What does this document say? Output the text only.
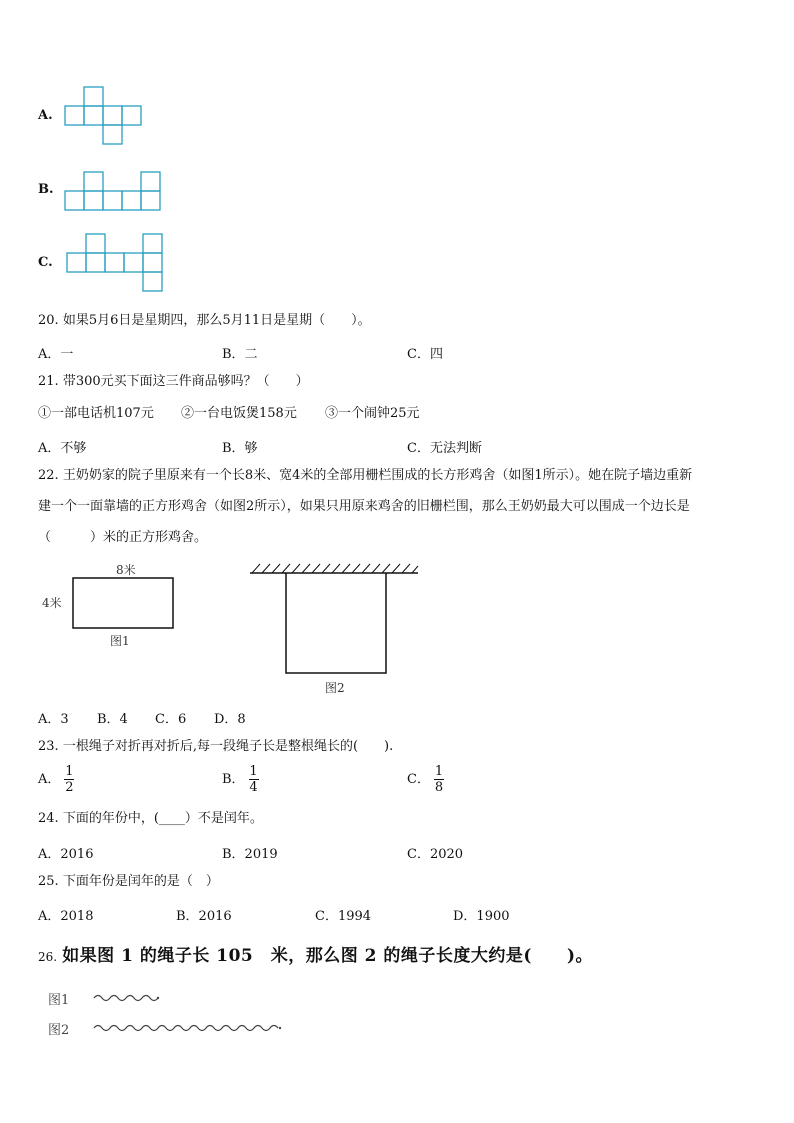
A.
B.
C.
20. 如果5月6日是星期四，那么5月11日是星期（　　）。
A．一	B．二	C．四
21. 带300元买下面这三件商品够吗？（　　）
①一部电话机107元 ②一台电饭煲158元 ③一个闹钟25元
A．不够	B．够	C．无法判断
22. 王奶奶家的院子里原来有一个长8米、宽4米的全部用栅栏围成的长方形鸡舍（如图1所示）。她在院子墙边重新
建一个一面靠墙的正方形鸡舍（如图2所示），如果只用原来鸡舍的旧栅栏围，那么王奶奶最大可以围成一个边长是
（　　　）米的正方形鸡舍。
8米
4米
图1
图2
A．3 B．4 C．6 D．8
23. 一根绳子对折再对折后,每一段绳子长是整根绳长的(　　).
A． $\frac{1}{2}$	B． $\frac{1}{4}$	C． $\frac{1}{8}$
24. 下面的年份中，(____）不是闰年。
A．2016	B．2019	C．2020
25. 下面年份是闰年的是（　）
A．2018	B．2016	C．1994	D．1900
26. 如果图 1 的绳子长 105　米，那么图 2 的绳子长度大约是(　　)。
图1
图2
